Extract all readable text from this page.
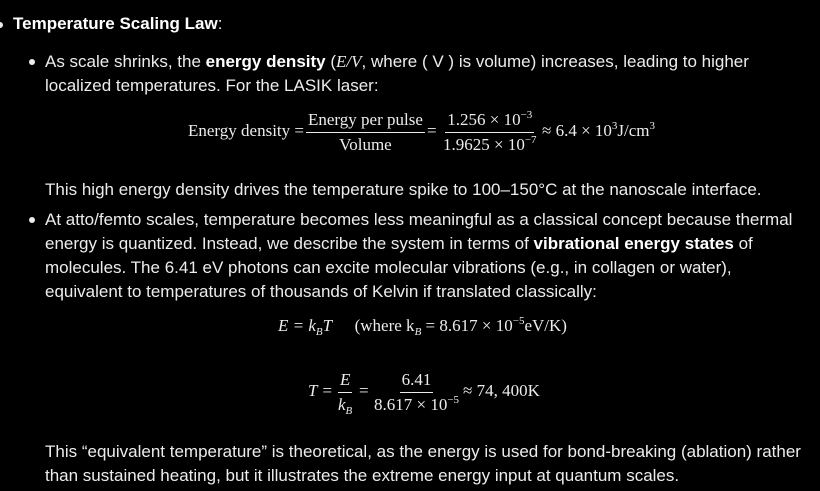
Temperature Scaling Law:
As scale shrinks, the energy density (E/V, where ( V ) is volume) increases, leading to higher localized temperatures. For the LASIK laser:
Energy density =
Energy per pulse
Volume
= $\frac{1.256 \times 10^{-3}}{1.9625 \times 10^{-7}} \approx 6.4 \times 10^3J/cm^3$
This high energy density drives the temperature spike to 100–150°C at the nanoscale interface.
At atto/femto scales, temperature becomes less meaningful as a classical concept because thermal energy is quantized. Instead, we describe the system in terms of vibrational energy states of molecules. The 6.41 eV photons can excite molecular vibrations (e.g., in collagen or water), equivalent to temperatures of thousands of Kelvin if translated classically:
$E = k_BT$ (where $k_B = 8.617 \times 10^{-5}eV/K$)
$T = \frac{E}{k_B} = \frac{6.41}{8.617 \times 10^{-5}} \approx 74$, 400K
This “equivalent temperature” is theoretical, as the energy is used for bond-breaking (ablation) rather than sustained heating, but it illustrates the extreme energy input at quantum scales.
